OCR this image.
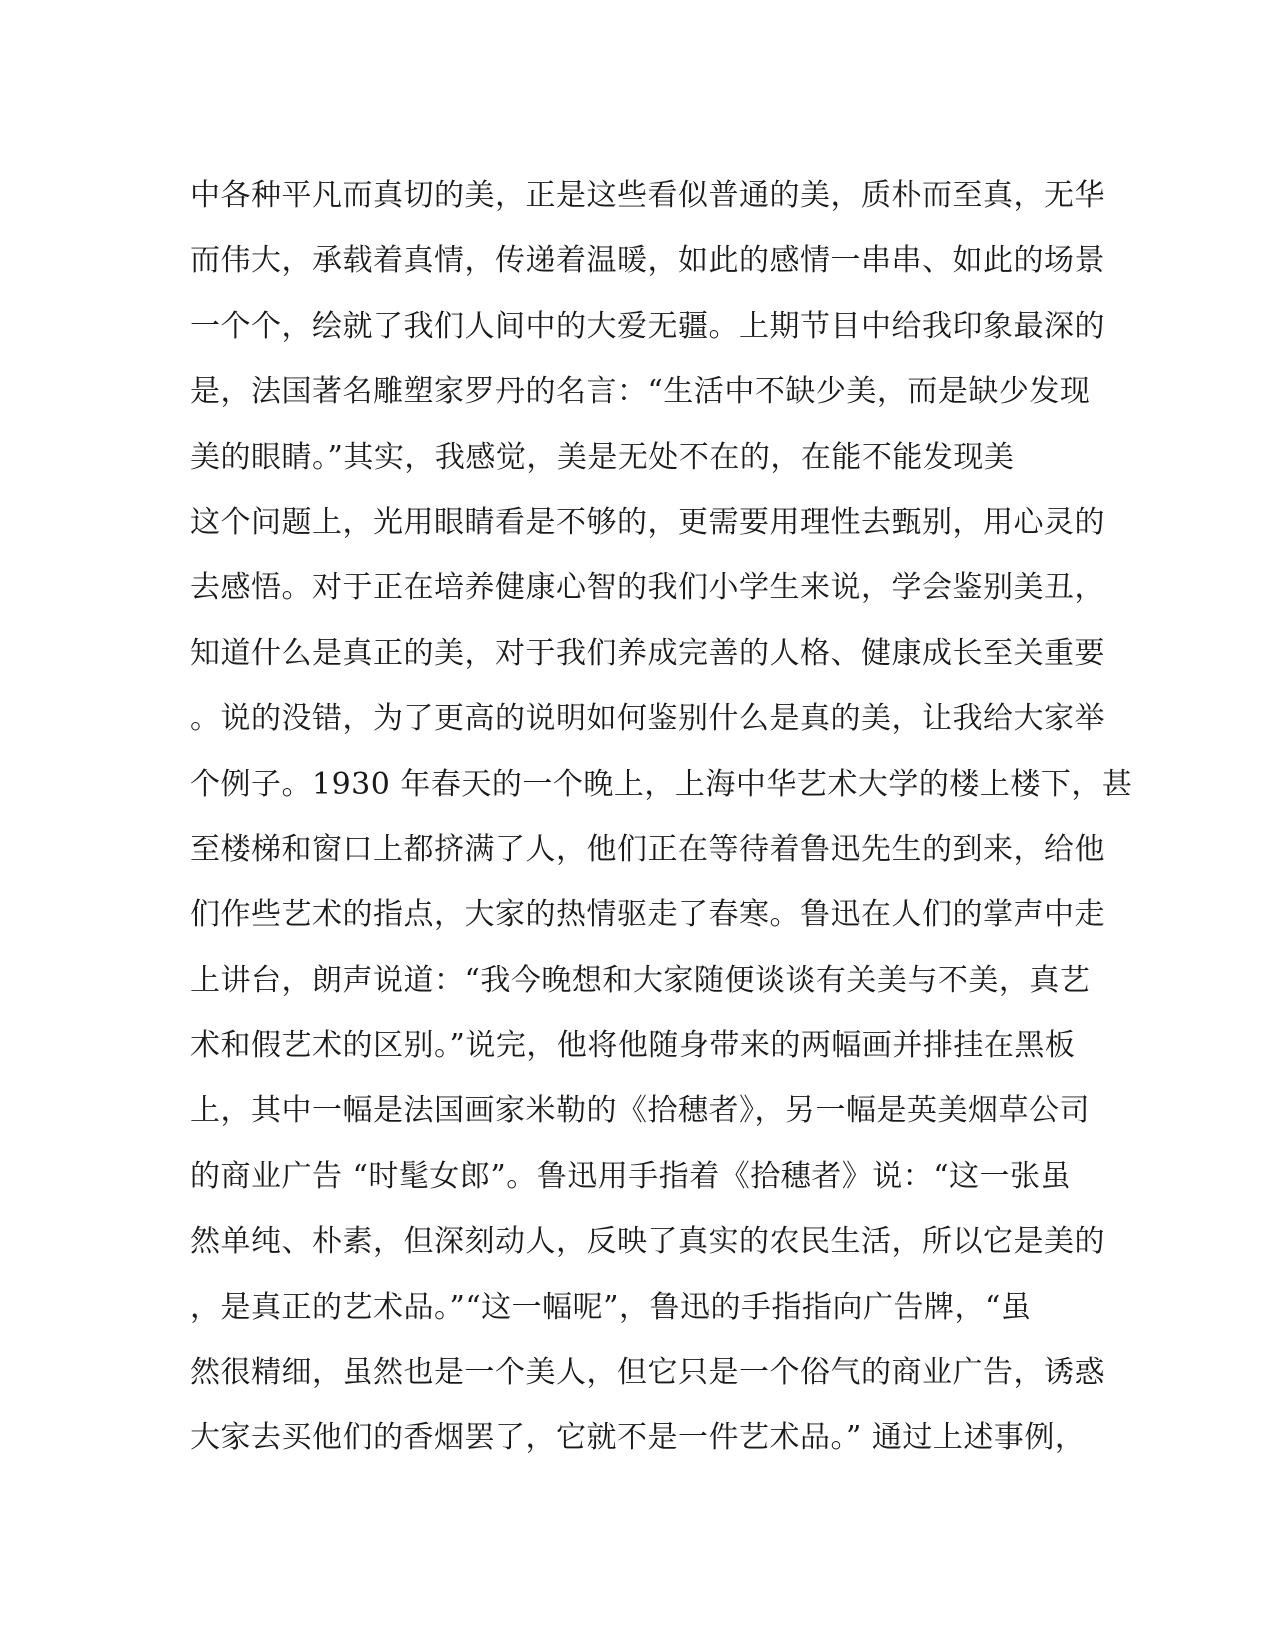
中各种平凡而真切的美，正是这些看似普通的美，质朴而至真，无华
而伟大，承载着真情，传递着温暖，如此的感情一串串、如此的场景
一个个，绘就了我们人间中的大爱无疆。上期节目中给我印象最深的
是，法国著名雕塑家罗丹的名言：“生活中不缺少美，而是缺少发现
美的眼睛。”其实，我感觉，美是无处不在的，在能不能发现美
这个问题上，光用眼睛看是不够的，更需要用理性去甄别，用心灵的
去感悟。对于正在培养健康心智的我们小学生来说，学会鉴别美丑，
知道什么是真正的美，对于我们养成完善的人格、健康成长至关重要
。说的没错，为了更高的说明如何鉴别什么是真的美，让我给大家举
个例子。1930 年春天的一个晚上，上海中华艺术大学的楼上楼下，甚
至楼梯和窗口上都挤满了人，他们正在等待着鲁迅先生的到来，给他
们作些艺术的指点，大家的热情驱走了春寒。鲁迅在人们的掌声中走
上讲台，朗声说道：“我今晚想和大家随便谈谈有关美与不美，真艺
术和假艺术的区别。”说完，他将他随身带来的两幅画并排挂在黑板
上，其中一幅是法国画家米勒的《拾穗者》，另一幅是英美烟草公司
的商业广告 “时髦女郎”。鲁迅用手指着《拾穗者》说：“这一张虽
然单纯、朴素，但深刻动人，反映了真实的农民生活，所以它是美的
，是真正的艺术品。”“这一幅呢”，鲁迅的手指指向广告牌，“虽
然很精细，虽然也是一个美人，但它只是一个俗气的商业广告，诱惑
大家去买他们的香烟罢了，它就不是一件艺术品。” 通过上述事例，
